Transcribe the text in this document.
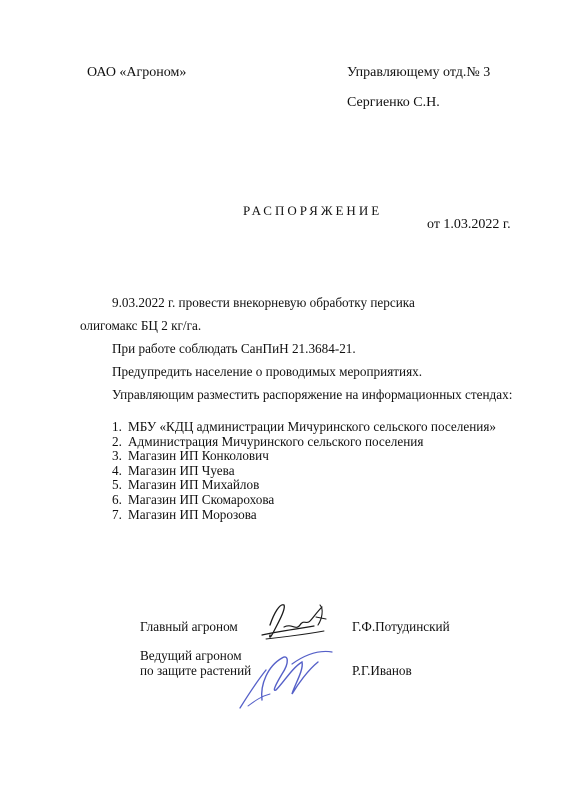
ОАО «Агроном»	Управляющему отд.№ 3
Сергиенко С.Н.
РАСПОРЯЖЕНИЕ
от 1.03.2022 г.
9.03.2022 г. провести внекорневую обработку персика
олигомакс БЦ 2 кг/га.
При работе соблюдать СанПиН 21.3684-21.
Предупредить население о проводимых мероприятиях.
Управляющим разместить распоряжение на информационных стендах:
1. МБУ «КДЦ администрации Мичуринского сельского поселения»
2. Администрация Мичуринского сельского поселения
3. Магазин ИП Конколович
4. Магазин ИП Чуева
5. Магазин ИП Михайлов
6. Магазин ИП Скомарохова
7. Магазин ИП Морозова
Главный агроном	Г.Ф.Потудинский
Ведущий агроном
по защите растений	Р.Г.Иванов
